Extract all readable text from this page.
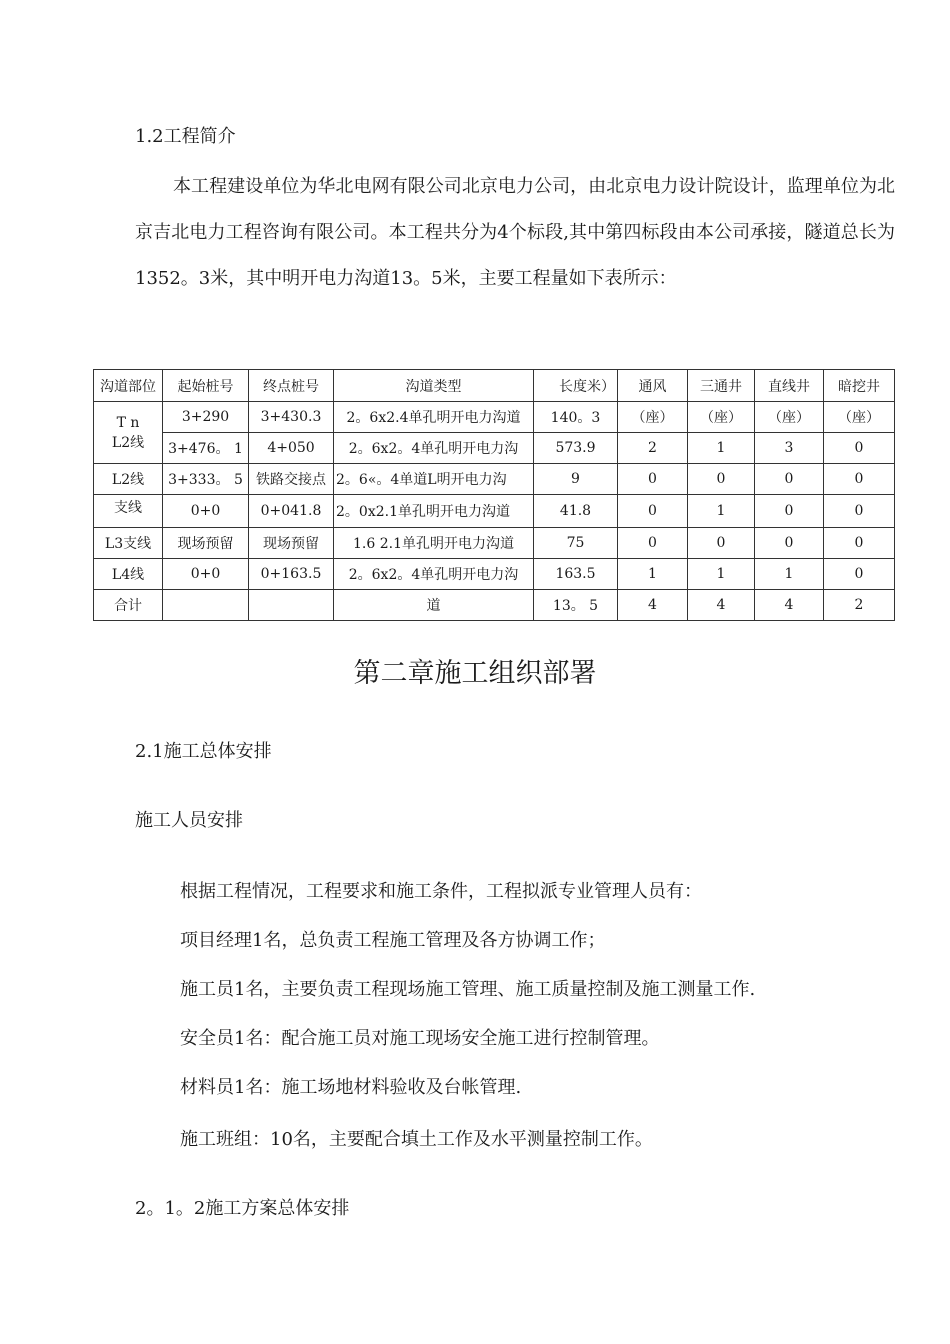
1.2工程简介
本工程建设单位为华北电网有限公司北京电力公司，由北京电力设计院设计，监理单位为北京吉北电力工程咨询有限公司。本工程共分为4个标段,其中第四标段由本公司承接，隧道总长为1352。3米，其中明开电力沟道13。5米，主要工程量如下表所示：
沟道部位	起始桩号	终点桩号	沟道类型	长度米）	通风	三通井	直线井	暗挖井

T n
L2线	3+290	3+430.3	2。6x2.4单孔明开电力沟道	140。3	（座）	（座）	（座）	（座）
	3+476。 1	4+050	2。6x2。4单孔明开电力沟	573.9	2	1	3	0
L2线	3+333。 5	铁路交接点	2。6«。4单道L明开电力沟	9	0	0	0	0
支线	0+0	0+041.8	2。0x2.1单孔明开电力沟道	41.8	0	1	0	0
L3支线	现场预留	现场预留	1.6 2.1单孔明开电力沟道	75	0	0	0	0
L4线	0+0	0+163.5	2。6x2。4单孔明开电力沟	163.5	1	1	1	0
合计			道	13。 5	4	4	4	2
第二章施工组织部署
2.1施工总体安排
施工人员安排
根据工程情况，工程要求和施工条件，工程拟派专业管理人员有：
项目经理1名，总负责工程施工管理及各方协调工作；
施工员1名，主要负责工程现场施工管理、施工质量控制及施工测量工作.
安全员1名：配合施工员对施工现场安全施工进行控制管理。
材料员1名：施工场地材料验收及台帐管理.
施工班组：10名，主要配合填土工作及水平测量控制工作。
2。1。2施工方案总体安排
